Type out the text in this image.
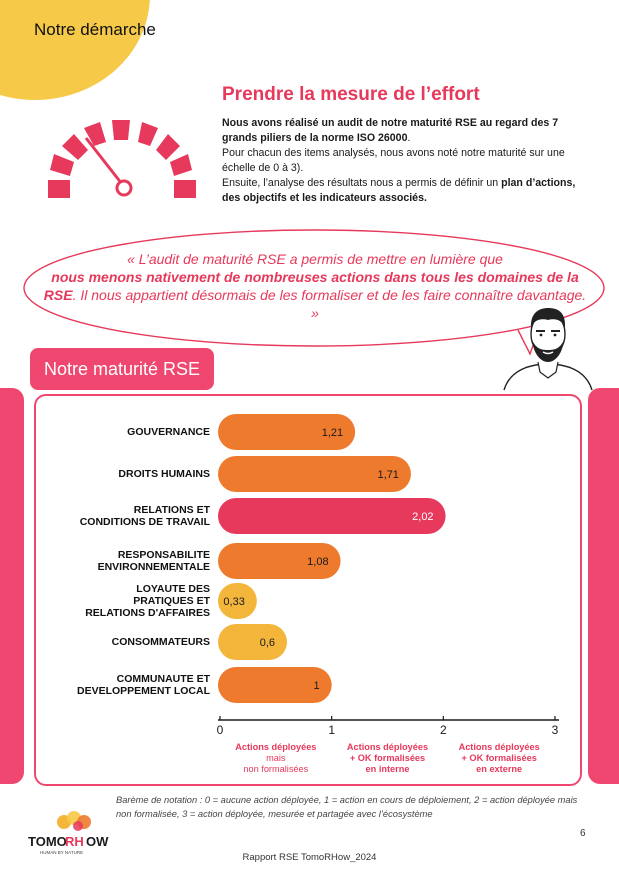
Notre démarche
Prendre la mesure de l’effort
Nous avons réalisé un audit de notre maturité RSE au regard des 7 grands piliers de la norme ISO 26000.
Pour chacun des items analysés, nous avons noté notre maturité sur une échelle de 0 à 3).
Ensuite, l’analyse des résultats nous a permis de définir un plan d’actions, des objectifs et les indicateurs associés.
« L’audit de maturité RSE a permis de mettre en lumière que
nous menons nativement de nombreuses actions dans tous les domaines de la RSE. Il nous appartient désormais de les formaliser et de les faire connaître davantage. »
Notre maturité RSE
1,21
1,71
2,02
1,08
0,33
0,6
1
0	1	2	3
Actions déployées
mais
non formalisées
Actions déployées
+ OK formalisées
en interne
Actions déployées
+ OK formalisées
en externe
GOUVERNANCE
DROITS HUMAINS
RELATIONS ET
CONDITIONS DE TRAVAIL
RESPONSABILITE
ENVIRONNEMENTALE
LOYAUTE DES
PRATIQUES ET
RELATIONS D'AFFAIRES
CONSOMMATEURS
COMMUNAUTE ET
DEVELOPPEMENT LOCAL
Barème de notation : 0 = aucune action déployée, 1 = action en cours de déploiement, 2 = action déployée mais non formalisée, 3 = action déployée, mesurée et partagée avec l’écosystème
TOMO
RH OW
HUMAN BY NATURE
6
Rapport RSE TomoRHow_2024
